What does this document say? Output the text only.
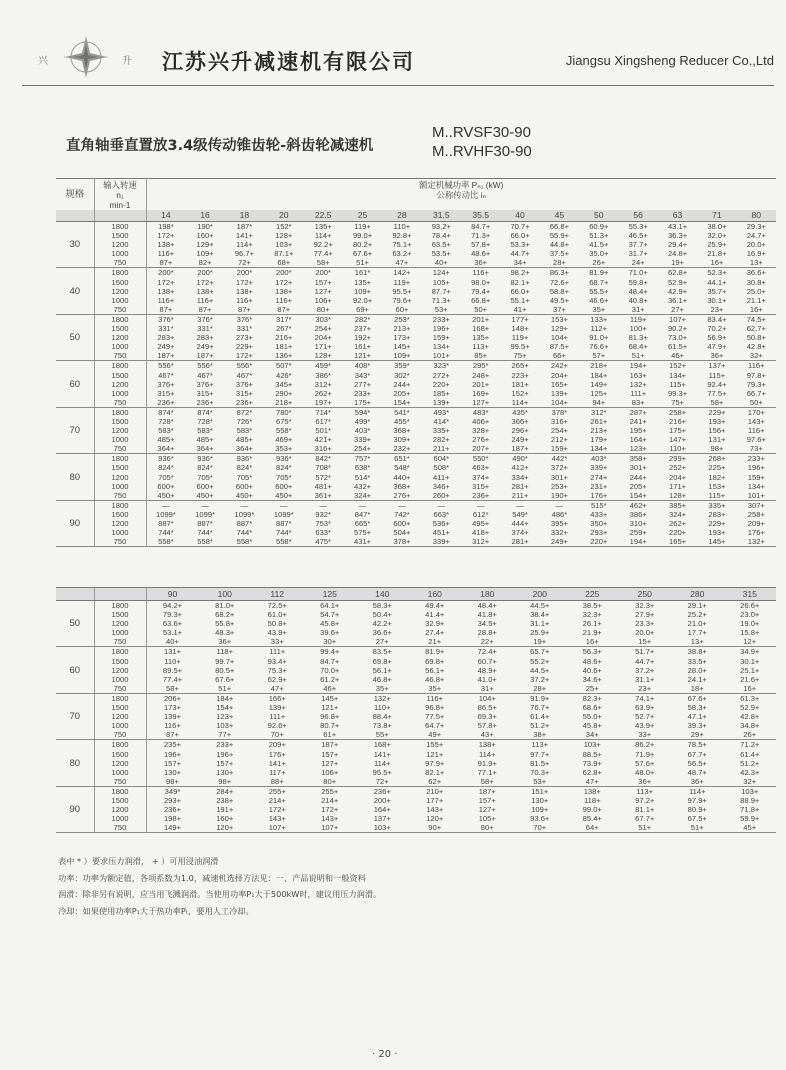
兴	升 江苏兴升减速机有限公司	Jiangsu Xingsheng Reducer Co.,Ltd
直角轴垂直置放3.4级传动锥齿轮-斜齿轮减速机
M..RVSF30-90
M..RVHF30-90
规格	输入转速	额定机械功率 Pₙ₁ (kW)															
	n₁	公称传动比 iₙ															
	min-1																
		14	16	18	20	22.5	25	28	31.5	35.5	40	45	50	56	63	71	80
30	1800	198*	190*	187*	152*	135+	119+	110+	93.2+	84.7+	70.7+	66.8+	60.9+	55.3+	43.1+	38.0+	29.3+
	1500	172+	160+	141+	128+	114+	99.0+	92.8+	78.4+	71.3+	66.0+	55.9+	51.3+	46.5+	36.3+	32.0+	24.7+
	1200	138+	129+	114+	103+	92.2+	80.2+	75.1+	63.5+	57.8+	53.3+	44.8+	41.5+	37.7+	29.4+	25.9+	20.0+
	1000	116+	109+	96.7+	87.1+	77.4+	67.6+	63.2+	53.5+	48.6+	44.7+	37.5+	35.0+	31.7+	24.8+	21.8+	16.9+
	750	87+	82+	72+	68+	58+	51+	47+	40+	36+	34+	28+	26+	24+	19+	16+	13+
40	1800	200*	200*	200*	200*	200*	161*	142+	124+	116+	98.2+	86.3+	81.9+	71.0+	62.8+	52.3+	36.6+
	1500	172+	172+	172+	172+	157+	135+	119+	105+	98.0+	82.1+	72.6+	68.7+	59.8+	52.9+	44.1+	30.8+
	1200	138+	138+	138+	138+	127+	109+	95.5+	87.7+	79.4+	66.0+	58.8+	55.5+	48.4+	42.9+	35.7+	25.0+
	1000	116+	116+	116+	116+	106+	92.0+	79.6+	71.3+	66.8+	55.1+	49.5+	46.6+	40.8+	36.1+	30.1+	21.1+
	750	87+	87+	87+	87+	80+	69+	60+	53+	50+	41+	37+	35+	31+	27+	23+	16+
50	1800	376*	376*	376*	317*	303*	282*	253*	233+	201+	177+	153+	133+	119+	107+	83.4+	74.5+
	1500	331*	331*	331*	267*	254+	237+	213+	196+	168+	148+	129+	112+	100+	90.2+	70.2+	62.7+
	1200	283+	283+	273+	216+	204+	192+	173+	159+	135+	119+	104+	91.0+	81.3+	73.0+	56.9+	50.8+
	1000	249+	249+	229+	181+	171+	161+	145+	134+	113+	99.5+	87.5+	76.6+	68.4+	61.5+	47.9+	42.8+
	750	187+	187+	172+	136+	128+	121+	109+	101+	85+	75+	66+	57+	51+	46+	36+	32+
60	1800	556*	556*	556*	507*	459*	408*	359*	323*	295*	265+	242+	218+	194+	152+	137+	116+
	1500	467*	467*	467*	426*	386*	343*	302*	272+	248+	223+	204+	184+	163+	134+	115+	97.8+
	1200	376+	376+	376+	345+	312+	277+	244+	220+	201+	181+	165+	149+	132+	115+	92.4+	79.3+
	1000	315+	315+	315+	290+	262+	233+	205+	185+	169+	152+	139+	125+	111+	99.3+	77.5+	66.7+
	750	236+	236+	236+	218+	197+	175+	154+	139+	127+	114+	104+	94+	83+	75+	58+	50+
70	1800	874*	874*	872*	780*	714*	594*	541*	493*	483*	435*	378*	312*	287+	258+	229+	170+
	1500	728*	728*	726*	675*	617*	499*	455*	414*	406+	366+	316+	261+	241+	216+	193+	143+
	1200	583*	583*	583*	558*	501*	403*	368+	335+	328+	296+	254+	213+	195+	175+	156+	116+
	1000	485+	485+	485+	469+	421+	339+	309+	282+	276+	249+	212+	179+	164+	147+	131+	97.6+
	750	364+	364+	364+	353+	316+	254+	232+	211+	207+	187+	159+	134+	123+	110+	98+	73+
80	1800	936*	936*	936*	936*	842*	757*	651*	604*	550*	490*	442*	403*	358+	299+	268+	233+
	1500	824*	824*	824*	824*	708*	638*	548*	508*	463+	412+	372+	339+	301+	252+	225+	196+
	1200	705*	705*	705*	705*	572*	514*	440+	411+	374+	334+	301+	274+	244+	204+	182+	159+
	1000	600+	600+	600+	600+	481+	432+	368+	346+	315+	281+	253+	231+	205+	171+	153+	134+
	750	450+	450+	450+	450+	361+	324+	276+	260+	236+	211+	190+	176+	154+	128+	115+	101+
90	1800	—	—	—	—	—	—	—	—	—	—	—	515*	462+	385+	335+	307+
	1500	1099*	1099*	1099*	1099*	932*	847*	742*	663*	612*	549*	486*	433+	386+	324+	283+	258+
	1200	887*	887*	887*	887*	753*	665*	600+	536+	495+	444+	395+	350+	310+	262+	229+	209+
	1000	744*	744*	744*	744*	633*	575+	504+	451+	418+	374+	332+	293+	259+	220+	193+	176+
	750	558*	558*	558*	558*	475*	431+	378+	339+	312+	281+	249+	220+	194+	165+	145+	132+
		90	100	112	125	140	160	180	200	225	250	280	315
50	1800	94.2+	81.0+	72.5+	64.1+	58.3+	49.4+	48.4+	44.5+	38.5+	32.3+	29.1+	26.6+
	1500	79.3+	68.2+	61.0+	54.7+	50.4+	41.4+	41.8+	38.4+	32.3+	27.9+	25.2+	23.0+
	1200	63.6+	55.8+	50.8+	45.8+	42.2+	32.9+	34.5+	31.1+	26.1+	23.3+	21.0+	19.0+
	1000	53.1+	48.3+	43.9+	39.6+	36.6+	27.4+	28.8+	25.9+	21.9+	20.0+	17.7+	15.8+
	750	40+	36+	33+	30+	27+	21+	22+	19+	16+	15+	13+	12+
60	1800	131+	118+	111+	99.4+	83.5+	81.9+	72.4+	65.7+	56.3+	51.7+	38.8+	34.9+
	1500	110+	99.7+	93.4+	84.7+	69.8+	69.8+	60.7+	55.2+	48.6+	44.7+	33.5+	30.1+
	1200	89.5+	80.5+	75.3+	70.0+	56.1+	56.1+	48.9+	44.5+	40.6+	37.2+	28.0+	25.1+
	1000	77.4+	67.6+	62.9+	61.2+	46.8+	46.8+	41.0+	37.2+	34.6+	31.1+	24.1+	21.6+
	750	58+	51+	47+	46+	35+	35+	31+	28+	25+	23+	18+	16+
70	1800	206+	184+	166+	145+	132+	116+	104+	91.9+	82.3+	74.1+	67.6+	61.3+
	1500	173+	154+	139+	121+	110+	96.8+	86.5+	76.7+	68.6+	63.9+	58.3+	52.9+
	1200	139+	123+	111+	96.8+	88.4+	77.5+	69.3+	61.4+	55.0+	52.7+	47.1+	42.8+
	1000	116+	103+	92.6+	80.7+	73.8+	64.7+	57.8+	51.2+	45.8+	43.9+	39.3+	34.8+
	750	87+	77+	70+	61+	55+	49+	43+	38+	34+	33+	29+	26+
80	1800	235+	233+	209+	187+	168+	155+	138+	113+	103+	86.2+	78.5+	71.2+
	1500	196+	196+	176+	157+	141+	121+	114+	97.7+	88.5+	71.9+	67.7+	61.4+
	1200	157+	157+	141+	127+	114+	97.9+	91.9+	81.5+	73.9+	57.6+	56.5+	51.2+
	1000	130+	130+	117+	106+	95.5+	82.1+	77.1+	70.3+	62.8+	48.0+	48.7+	42.3+
	750	98+	98+	88+	80+	72+	62+	58+	53+	47+	36+	36+	32+
90	1800	349*	284+	255+	255+	236+	210+	187+	151+	138+	113+	114+	103+
	1500	293+	238+	214+	214+	200+	177+	157+	130+	118+	97.2+	97.9+	88.9+
	1200	236+	191+	172+	172+	164+	143+	127+	109+	99.0+	81.1+	80.9+	71.8+
	1000	198+	160+	143+	143+	137+	120+	105+	93.6+	85.4+	67.7+	67.5+	59.9+
	750	149+	120+	107+	107+	103+	90+	80+	70+	64+	51+	51+	45+
表中 * ）要求压力润滑， + ）可用浸油润滑
功率：功率为额定值，各项系数为1.0，减速机选择方法见：一、产品说明和一般资料
润滑：除非另有说明，应当用飞溅润滑。当使用功率P₁大于500kW时，建议用压力润滑。
冷却：如果使用功率P₁大于热功率Pₜ，要用人工冷却。
· 20 ·
